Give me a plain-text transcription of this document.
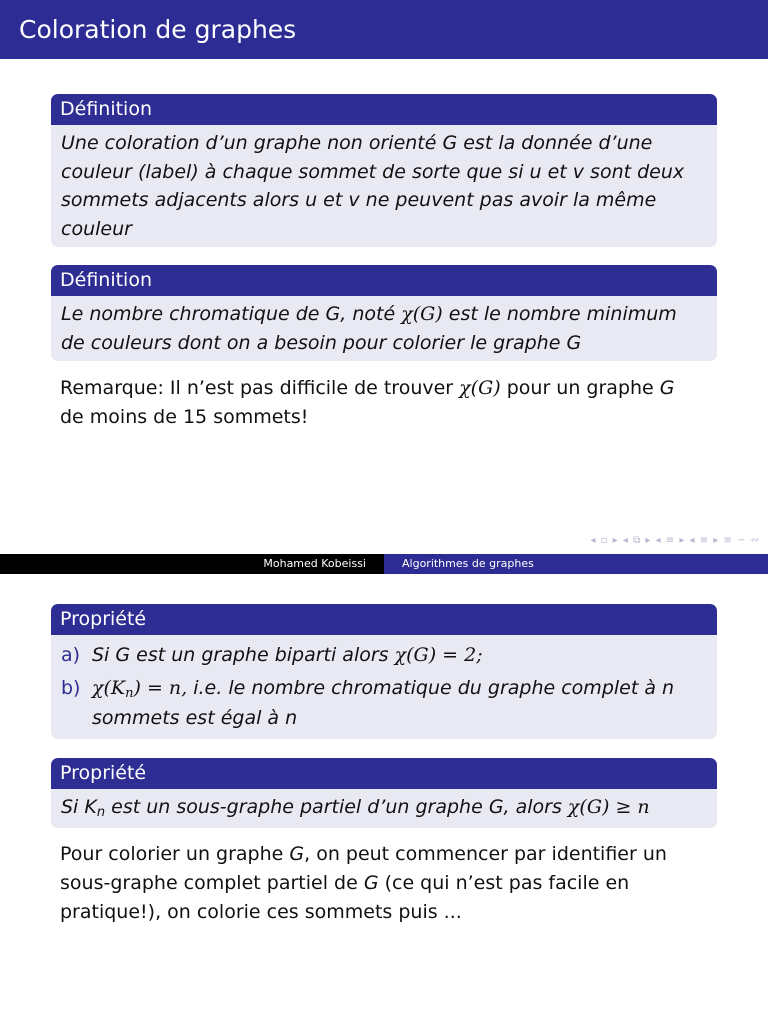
Coloration de graphes
Définition
Une coloration d’un graphe non orienté G est la donnée d’une couleur (label) à chaque sommet de sorte que si u et v sont deux sommets adjacents alors u et v ne peuvent pas avoir la même couleur
Définition
Le nombre chromatique de G, noté χ(G) est le nombre minimum
de couleurs dont on a besoin pour colorier le graphe G
Remarque: Il n’est pas difficile de trouver χ(G) pour un graphe G
de moins de 15 sommets!
◂ ▫ ▸ ◂ ⧉ ▸ ◂ ≡ ▸ ◂ ≡ ▸ ≡ ∽ ∾
Mohamed Kobeissi	Algorithmes de graphes
Propriété
a) Si G est un graphe biparti alors χ(G) = 2;
b) $\chi(K_n) = n$, i.e. le nombre chromatique du graphe complet à n
sommets est égal à n
Propriété
Si $K_n$ est un sous-graphe partiel d’un graphe G, alors χ(G) ≥ n
Pour colorier un graphe G, on peut commencer par identifier un
sous-graphe complet partiel de G (ce qui n’est pas facile en
pratique!), on colorie ces sommets puis ...
